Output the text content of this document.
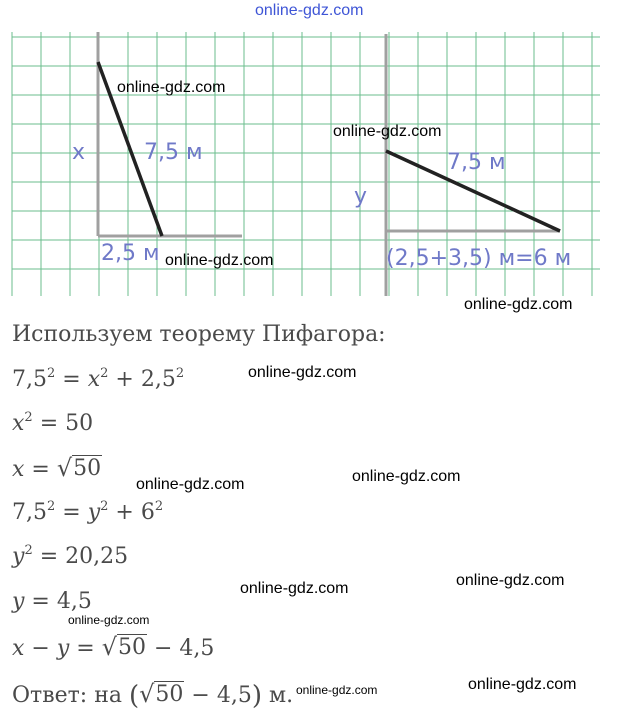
x	7,5 м
2,5 м
y
7,5 м
(2,5+3,5) м=6 м
Используем теорему Пифагора:
$7,5^2 = x^2 + 2,5^2$
$x^2 = 50$
x = √ 50
$7,5^2 = y^2 + 6^2$
$y^2 = 20,25$
y = 4,5
x − y = √ 50 − 4,5
Ответ: на ( √ 50 − 4,5) м.
online-gdz.com
online-gdz.com
online-gdz.com
online-gdz.com
online-gdz.com
online-gdz.com
online-gdz.com
online-gdz.com
online-gdz.com
online-gdz.com
online-gdz.com
online-gdz.com
online-gdz.com
